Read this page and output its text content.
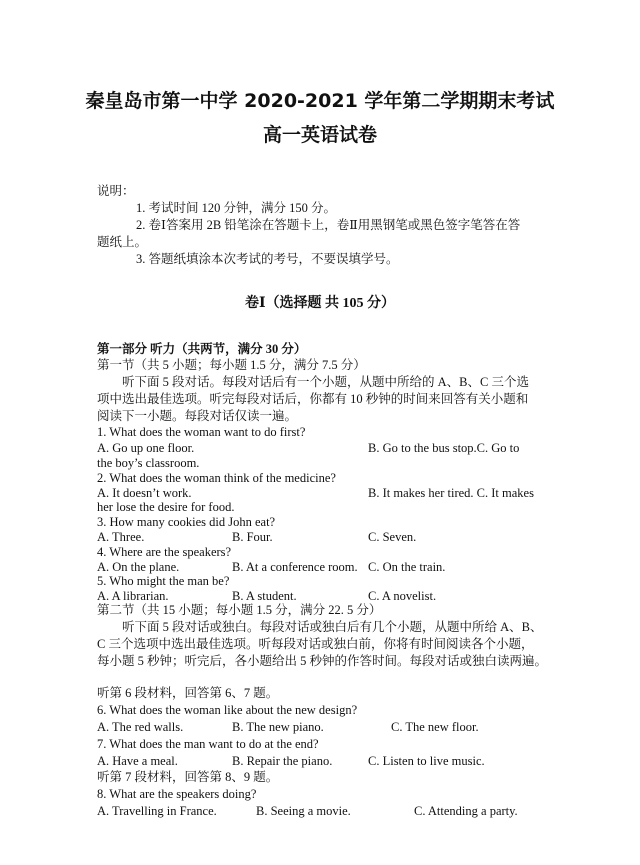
秦皇岛市第一中学 2020-2021 学年第二学期期末考试
高一英语试卷
说明：
1. 考试时间 120 分钟，满分 150 分。
2. 卷Ⅰ答案用 2B 铅笔涂在答题卡上，卷Ⅱ用黑钢笔或黑色签字笔答在答
题纸上。
3. 答题纸填涂本次考试的考号，不要误填学号。
卷Ⅰ（选择题 共 105 分）
第一部分 听力（共两节，满分 30 分）
第一节（共 5 小题；每小题 1.5 分，满分 7.5 分）
听下面 5 段对话。每段对话后有一个小题，从题中所给的 A、B、C 三个选
项中选出最佳选项。听完每段对话后，你都有 10 秒钟的时间来回答有关小题和
阅读下一小题。每段对话仅读一遍。
1. What does the woman want to do first?
A. Go up one floor.	B. Go to the bus stop.C. Go to
the boy’s classroom.
2. What does the woman think of the medicine?
A. It doesn’t work.	B. It makes her tired. C. It makes
her lose the desire for food.
3. How many cookies did John eat?
A. Three.	B. Four.	C. Seven.
4. Where are the speakers?
A. On the plane.	B. At a conference room. C. On the train.
5. Who might the man be?
A. A librarian.	B. A student.	C. A novelist.
第二节（共 15 小题；每小题 1.5 分，满分 22. 5 分）
听下面 5 段对话或独白。每段对话或独白后有几个小题，从题中所给 A、B、
C 三个选项中选出最佳选项。听每段对话或独白前，你将有时间阅读各个小题，
每小题 5 秒钟；听完后，各小题给出 5 秒钟的作答时间。每段对话或独白读两遍。
听第 6 段材料，回答第 6、7 题。
6. What does the woman like about the new design?
A. The red walls.	B. The new piano.	C. The new floor.
7. What does the man want to do at the end?
A. Have a meal.	B. Repair the piano.	C. Listen to live music.
听第 7 段材料，回答第 8、9 题。
8. What are the speakers doing?
A. Travelling in France.	B. Seeing a movie.	C. Attending a party.
